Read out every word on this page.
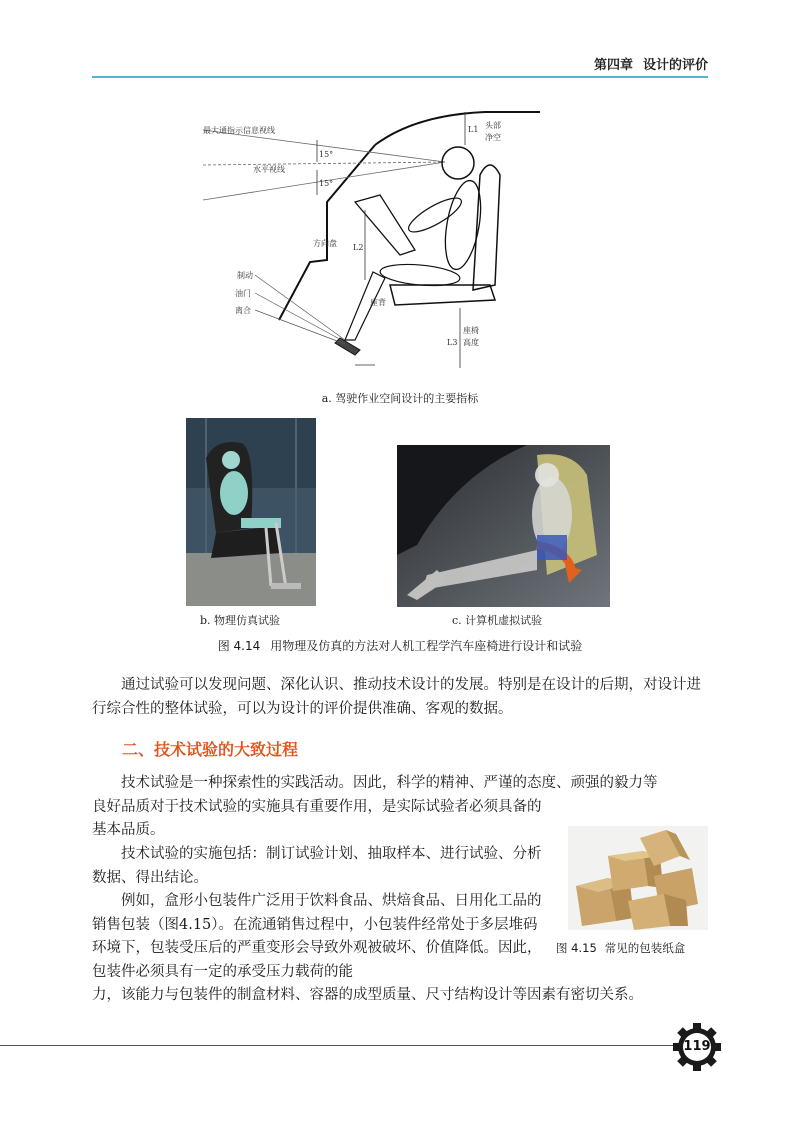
第四章 设计的评价
最大通指示信息视线
水平视线
15°
15°
方向盘
制动
油门
离合
座背
头部
净空
座椅
高度
L1
L2
L3
a. 驾驶作业空间设计的主要指标
b. 物理仿真试验	c. 计算机虚拟试验
图 4.14 用物理及仿真的方法对人机工程学汽车座椅进行设计和试验

通过试验可以发现问题、深化认识、推动技术设计的发展。特别是在设计的后期，对设计进行综合性的整体试验，可以为设计的评价提供准确、客观的数据。

二、技术试验的大致过程

技术试验是一种探索性的实践活动。因此，科学的精神、严谨的态度、顽强的毅力等
良好品质对于技术试验的实施具有重要作用，是实际试验者必须具备的基本品质。

技术试验的实施包括：制订试验计划、抽取样本、进行试验、分析数据、得出结论。

例如，盒形小包装件广泛用于饮料食品、烘焙食品、日用化工品的销售包装（图4.15）。在流通销售过程中，小包装件经常处于多层堆码环境下，包装受压后的严重变形会导致外观被破坏、价值降低。因此，包装件必须具有一定的承受压力载荷的能

力，该能力与包装件的制盒材料、容器的成型质量、尺寸结构设计等因素有密切关系。

图 4.15 常见的包装纸盒
119
